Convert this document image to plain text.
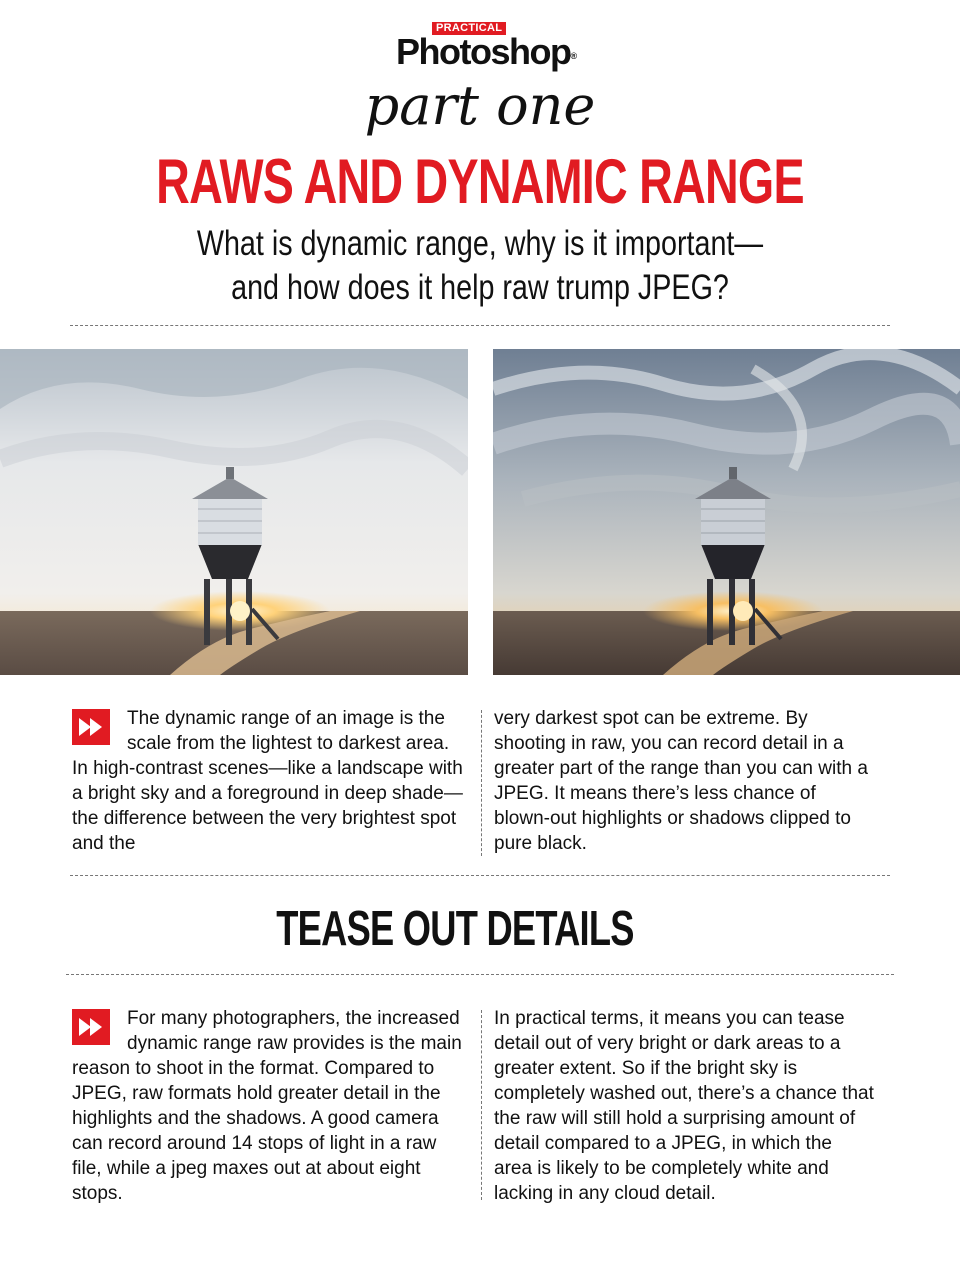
PRACTICAL
Photoshop®
part one
RAWS AND DYNAMIC RANGE
What is dynamic range, why is it important—
and how does it help raw trump JPEG?

The dynamic range of an image is the scale from the lightest to darkest area. In high-contrast scenes—like a landscape with a bright sky and a foreground in deep shade—the difference between the very brightest spot and the

very darkest spot can be extreme. By shooting in raw, you can record detail in a greater part of the range than you can with a JPEG. It means there’s less chance of blown-out highlights or shadows clipped to pure black.

TEASE OUT DETAILS

For many photographers, the increased dynamic range raw provides is the main reason to shoot in the format. Compared to JPEG, raw formats hold greater detail in the highlights and the shadows. A good camera can record around 14 stops of light in a raw file, while a jpeg maxes out at about eight stops.

In practical terms, it means you can tease detail out of very bright or dark areas to a greater extent. So if the bright sky is completely washed out, there’s a chance that the raw will still hold a surprising amount of detail compared to a JPEG, in which the area is likely to be completely white and lacking in any cloud detail.
